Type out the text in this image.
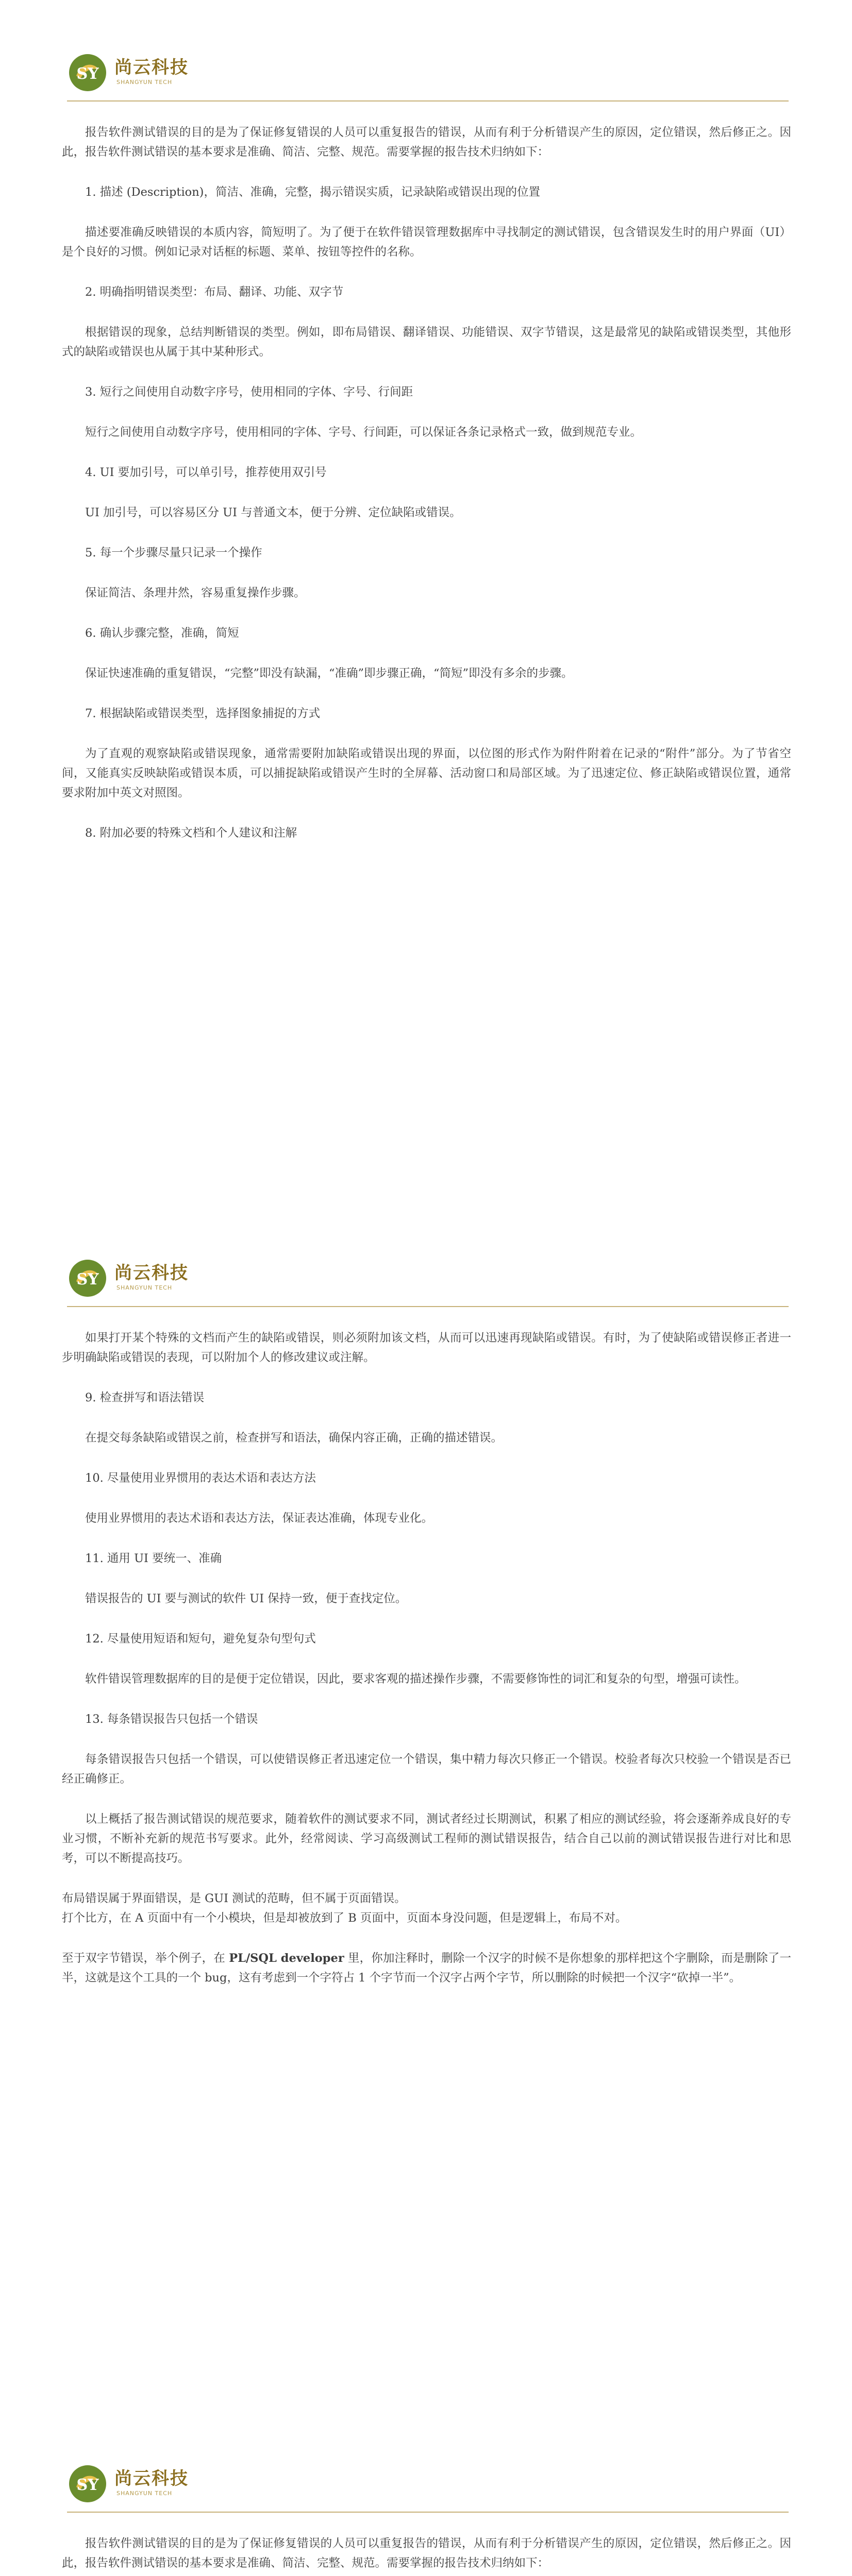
SY 尚云科技
SHANGYUN TECH

报告软件测试错误的目的是为了保证修复错误的人员可以重复报告的错误，从而有利于分析错误产生的原因，定位错误，然后修正之。因此，报告软件测试错误的基本要求是准确、简洁、完整、规范。需要掌握的报告技术归纳如下：

1. 描述 (Description)，简洁、准确，完整，揭示错误实质，记录缺陷或错误出现的位置

描述要准确反映错误的本质内容，简短明了。为了便于在软件错误管理数据库中寻找制定的测试错误，包含错误发生时的用户界面（UI）是个良好的习惯。例如记录对话框的标题、菜单、按钮等控件的名称。

2. 明确指明错误类型：布局、翻译、功能、双字节

根据错误的现象，总结判断错误的类型。例如，即布局错误、翻译错误、功能错误、双字节错误，这是最常见的缺陷或错误类型，其他形式的缺陷或错误也从属于其中某种形式。

3. 短行之间使用自动数字序号，使用相同的字体、字号、行间距

短行之间使用自动数字序号，使用相同的字体、字号、行间距，可以保证各条记录格式一致，做到规范专业。

4. UI 要加引号，可以单引号，推荐使用双引号

UI 加引号，可以容易区分 UI 与普通文本，便于分辨、定位缺陷或错误。

5. 每一个步骤尽量只记录一个操作

保证简洁、条理井然，容易重复操作步骤。

6. 确认步骤完整，准确，简短

保证快速准确的重复错误，“完整”即没有缺漏，“准确”即步骤正确，“简短”即没有多余的步骤。

7. 根据缺陷或错误类型，选择图象捕捉的方式

为了直观的观察缺陷或错误现象，通常需要附加缺陷或错误出现的界面，以位图的形式作为附件附着在记录的“附件”部分。为了节省空间，又能真实反映缺陷或错误本质，可以捕捉缺陷或错误产生时的全屏幕、活动窗口和局部区域。为了迅速定位、修正缺陷或错误位置，通常要求附加中英文对照图。

8. 附加必要的特殊文档和个人建议和注解

SY 尚云科技
SHANGYUN TECH

如果打开某个特殊的文档而产生的缺陷或错误，则必须附加该文档，从而可以迅速再现缺陷或错误。有时，为了使缺陷或错误修正者进一步明确缺陷或错误的表现，可以附加个人的修改建议或注解。

9. 检查拼写和语法错误

在提交每条缺陷或错误之前，检查拼写和语法，确保内容正确，正确的描述错误。

10. 尽量使用业界惯用的表达术语和表达方法

使用业界惯用的表达术语和表达方法，保证表达准确，体现专业化。

11. 通用 UI 要统一、准确

错误报告的 UI 要与测试的软件 UI 保持一致，便于查找定位。

12. 尽量使用短语和短句，避免复杂句型句式

软件错误管理数据库的目的是便于定位错误，因此，要求客观的描述操作步骤，不需要修饰性的词汇和复杂的句型，增强可读性。

13. 每条错误报告只包括一个错误

每条错误报告只包括一个错误，可以使错误修正者迅速定位一个错误，集中精力每次只修正一个错误。校验者每次只校验一个错误是否已经正确修正。

以上概括了报告测试错误的规范要求，随着软件的测试要求不同，测试者经过长期测试，积累了相应的测试经验，将会逐渐养成良好的专业习惯，不断补充新的规范书写要求。此外，经常阅读、学习高级测试工程师的测试错误报告，结合自己以前的测试错误报告进行对比和思考，可以不断提高技巧。

布局错误属于界面错误，是 GUI 测试的范畴，但不属于页面错误。

打个比方，在 A 页面中有一个小模块，但是却被放到了 B 页面中，页面本身没问题，但是逻辑上，布局不对。

至于双字节错误，举个例子，在 PL/SQL developer 里，你加注释时，删除一个汉字的时候不是你想象的那样把这个字删除，而是删除了一半，这就是这个工具的一个 bug，这有考虑到一个字符占 1 个字节而一个汉字占两个字节，所以删除的时候把一个汉字“砍掉一半”。

SY 尚云科技
SHANGYUN TECH

报告软件测试错误的目的是为了保证修复错误的人员可以重复报告的错误，从而有利于分析错误产生的原因，定位错误，然后修正之。因此，报告软件测试错误的基本要求是准确、简洁、完整、规范。需要掌握的报告技术归纳如下：
